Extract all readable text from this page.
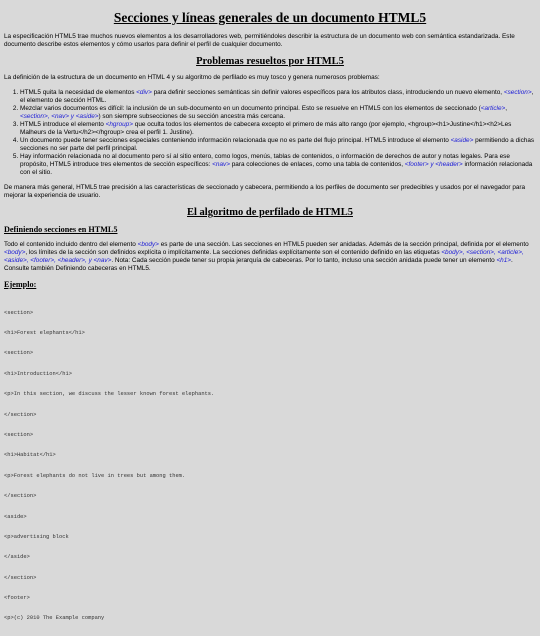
Secciones y líneas generales de un documento HTML5

La especificación HTML5 trae muchos nuevos elementos a los desarrolladores web, permitiéndoles describir la estructura de un documento web con semántica estandarizada. Este documento describe estos elementos y cómo usarlos para definir el perfil de cualquier documento.

Problemas resueltos por HTML5

La definición de la estructura de un documento en HTML 4 y su algoritmo de perfilado es muy tosco y genera numerosos problemas:

1. HTML5 quita la necesidad de elementos <div> para definir secciones semánticas sin definir valores específicos para los atributos class, introduciendo un nuevo elemento, <section>, el elemento de sección HTML.
2. Mezclar varios documentos es difícil: la inclusión de un sub-documento en un documento principal. Esto se resuelve en HTML5 con los elementos de seccionado (<article>, <section>, <nav> y <aside>) son siempre subsecciones de su sección ancestra más cercana.
3. HTML5 introduce el elemento <hgroup> que oculta todos los elementos de cabecera excepto el primero de más alto rango (por ejemplo, <hgroup><h1>Justine</h1><h2>Les Malheurs de la Vertu</h2></hgroup> crea el perfil 1. Justine).
4. Un documento puede tener secciones especiales conteniendo información relacionada que no es parte del flujo principal. HTML5 introduce el elemento <aside> permitiendo a dichas secciones no ser parte del perfil principal.
5. Hay información relacionada no al documento pero sí al sitio entero, como logos, menús, tablas de contenidos, o información de derechos de autor y notas legales. Para ese propósito, HTML5 introduce tres elementos de sección específicos: <nav> para colecciones de enlaces, como una tabla de contenidos, <footer> y <header> información relacionada con el sitio.

De manera más general, HTML5 trae precisión a las características de seccionado y cabecera, permitiendo a los perfiles de documento ser predecibles y usados por el navegador para mejorar la experiencia de usuario.

El algoritmo de perfilado de HTML5
Definiendo secciones en HTML5

Todo el contenido incluido dentro del elemento <body> es parte de una sección. Las secciones en HTML5 pueden ser anidadas. Además de la sección principal, definida por el elemento <body>, los límites de la sección son definidos explícita o implícitamente. La secciones definidas explícitamente son el contenido definido en las etiquetas <body>, <section>, <article>, <aside>, <footer>, <header>, y <nav>. Nota: Cada sección puede tener su propia jerarquía de cabeceras. Por lo tanto, incluso una sección anidada puede tener un elemento <h1>. Consulte también Definiendo cabeceras en HTML5.

Ejemplo:

<section>

<h1>Forest elephants</h1>

<section>

<h1>Introduction</h1>

<p>In this section, we discuss the lesser known forest elephants.

</section>

<section>

<h1>Habitat</h1>

<p>Forest elephants do not live in trees but among them.

</section>

<aside>

<p>advertising block

</aside>

</section>

<footer>

<p>(c) 2010 The Example company
